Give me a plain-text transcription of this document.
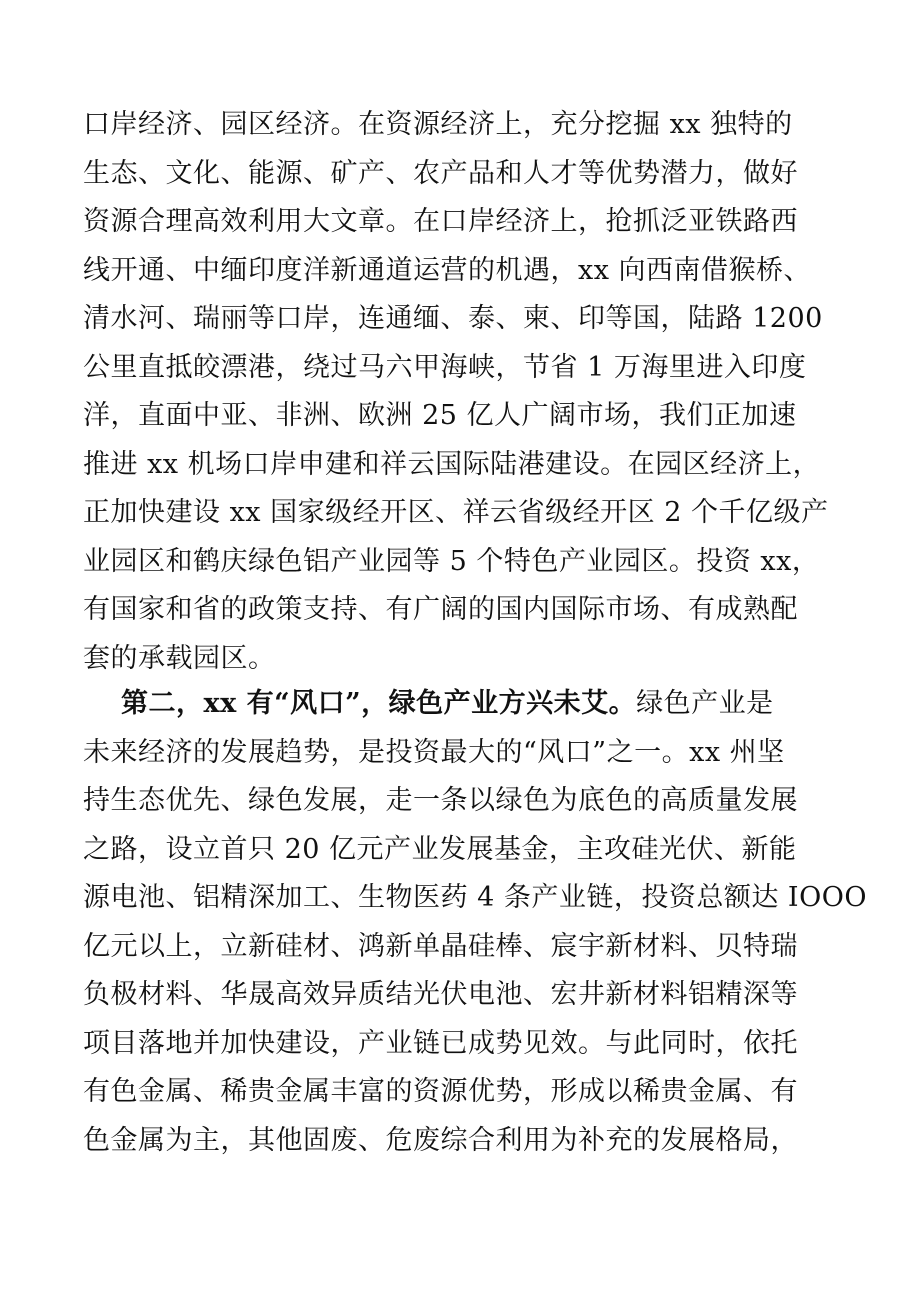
口岸经济、园区经济。在资源经济上，充分挖掘 xx 独特的
生态、文化、能源、矿产、农产品和人才等优势潜力，做好
资源合理高效利用大文章。在口岸经济上，抢抓泛亚铁路西
线开通、中缅印度洋新通道运营的机遇，xx 向西南借猴桥、
清水河、瑞丽等口岸，连通缅、泰、柬、印等国，陆路 1200
公里直抵皎漂港，绕过马六甲海峡，节省 1 万海里进入印度
洋，直面中亚、非洲、欧洲 25 亿人广阔市场，我们正加速
推进 xx 机场口岸申建和祥云国际陆港建设。在园区经济上，
正加快建设 xx 国家级经开区、祥云省级经开区 2 个千亿级产
业园区和鹤庆绿色铝产业园等 5 个特色产业园区。投资 xx，
有国家和省的政策支持、有广阔的国内国际市场、有成熟配
套的承载园区。
第二，xx 有“风口”，绿色产业方兴未艾。绿色产业是
未来经济的发展趋势，是投资最大的“风口”之一。xx 州坚
持生态优先、绿色发展，走一条以绿色为底色的高质量发展
之路，设立首只 20 亿元产业发展基金，主攻硅光伏、新能
源电池、铝精深加工、生物医药 4 条产业链，投资总额达 IOOO
亿元以上，立新硅材、鸿新单晶硅棒、宸宇新材料、贝特瑞
负极材料、华晟高效异质结光伏电池、宏井新材料铝精深等
项目落地并加快建设，产业链已成势见效。与此同时，依托
有色金属、稀贵金属丰富的资源优势，形成以稀贵金属、有
色金属为主，其他固废、危废综合利用为补充的发展格局，
